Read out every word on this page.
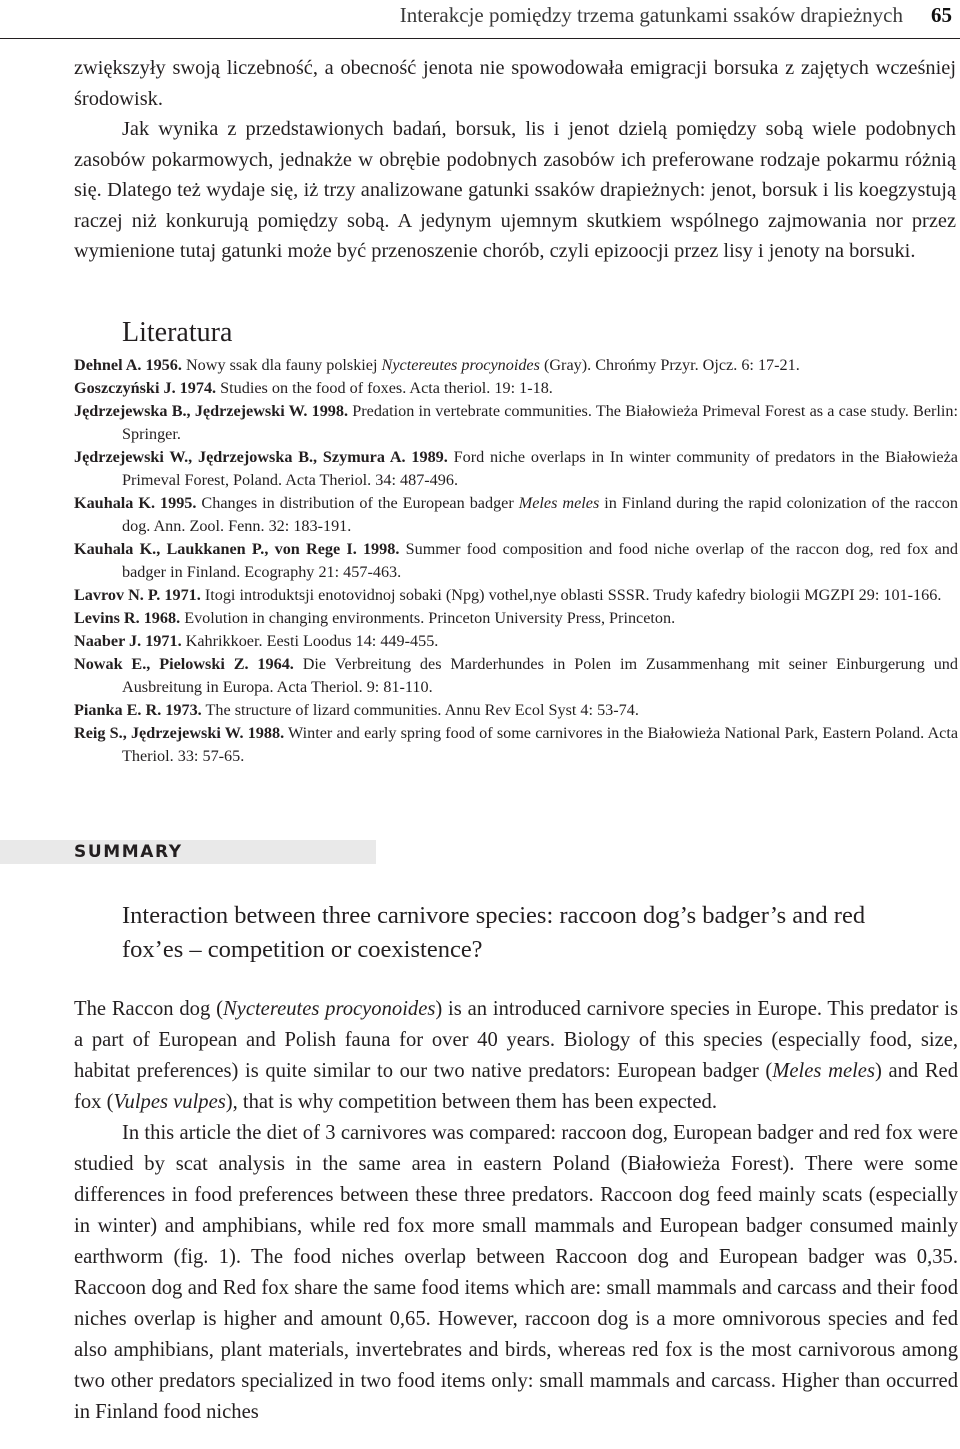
Interakcje pomiędzy trzema gatunkami ssaków drapieżnych 65

zwiększyły swoją liczebność, a obecność jenota nie spowodowała emigracji borsuka z zajętych wcześniej środowisk.

Jak wynika z przedstawionych badań, borsuk, lis i jenot dzielą pomiędzy sobą wiele podobnych zasobów pokarmowych, jednakże w obrębie podobnych zasobów ich preferowane rodzaje pokarmu różnią się. Dlatego też wydaje się, iż trzy analizowane gatunki ssaków drapieżnych: jenot, borsuk i lis koegzystują raczej niż konkurują pomiędzy sobą. A jedynym ujemnym skutkiem wspólnego zajmowania nor przez wymienione tutaj gatunki może być przenoszenie chorób, czyli epizoocji przez lisy i jenoty na borsuki.

Literatura
Dehnel A. 1956. Nowy ssak dla fauny polskiej Nyctereutes procynoides (Gray). Chrońmy Przyr. Ojcz. 6: 17-21.
Goszczyński J. 1974. Studies on the food of foxes. Acta theriol. 19: 1-18.
Jędrzejewska B., Jędrzejewski W. 1998. Predation in vertebrate communities. The Białowieża Primeval Forest as a case study. Berlin: Springer.
Jędrzejewski W., Jędrzejowska B., Szymura A. 1989. Ford niche overlaps in In winter community of predators in the Białowieża Primeval Forest, Poland. Acta Theriol. 34: 487-496.
Kauhala K. 1995. Changes in distribution of the European badger Meles meles in Finland during the rapid colonization of the raccon dog. Ann. Zool. Fenn. 32: 183-191.
Kauhala K., Laukkanen P., von Rege I. 1998. Summer food composition and food niche overlap of the raccon dog, red fox and badger in Finland. Ecography 21: 457-463.
Lavrov N. P. 1971. Itogi introduktsji enotovidnoj sobaki (Npg) vothel,nye oblasti SSSR. Trudy kafedry biologii MGZPI 29: 101-166.
Levins R. 1968. Evolution in changing environments. Princeton University Press, Princeton.
Naaber J. 1971. Kahrikkoer. Eesti Loodus 14: 449-455.
Nowak E., Pielowski Z. 1964. Die Verbreitung des Marderhundes in Polen im Zusammenhang mit seiner Einburgerung und Ausbreitung in Europa. Acta Theriol. 9: 81-110.
Pianka E. R. 1973. The structure of lizard communities. Annu Rev Ecol Syst 4: 53-74.
Reig S., Jędrzejewski W. 1988. Winter and early spring food of some carnivores in the Białowieża National Park, Eastern Poland. Acta Theriol. 33: 57-65.
SUMMARY
Interaction between three carnivore species: raccoon dog’s badger’s and red fox’es – competition or coexistence?

The Raccon dog (Nyctereutes procyonoides) is an introduced carnivore species in Europe. This predator is a part of European and Polish fauna for over 40 years. Biology of this species (especially food, size, habitat preferences) is quite similar to our two native predators: European badger (Meles meles) and Red fox (Vulpes vulpes), that is why competition between them has been expected.

In this article the diet of 3 carnivores was compared: raccoon dog, European badger and red fox were studied by scat analysis in the same area in eastern Poland (Białowieża Forest). There were some differences in food preferences between these three predators. Raccoon dog feed mainly scats (especially in winter) and amphibians, while red fox more small mammals and European badger consumed mainly earthworm (fig. 1). The food niches overlap between Raccoon dog and European badger was 0,35. Raccoon dog and Red fox share the same food items which are: small mammals and carcass and their food niches overlap is higher and amount 0,65. However, raccoon dog is a more omnivorous species and fed also amphibians, plant materials, invertebrates and birds, whereas red fox is the most carnivorous among two other predators specialized in two food items only: small mammals and carcass. Higher than occurred in Finland food niches
